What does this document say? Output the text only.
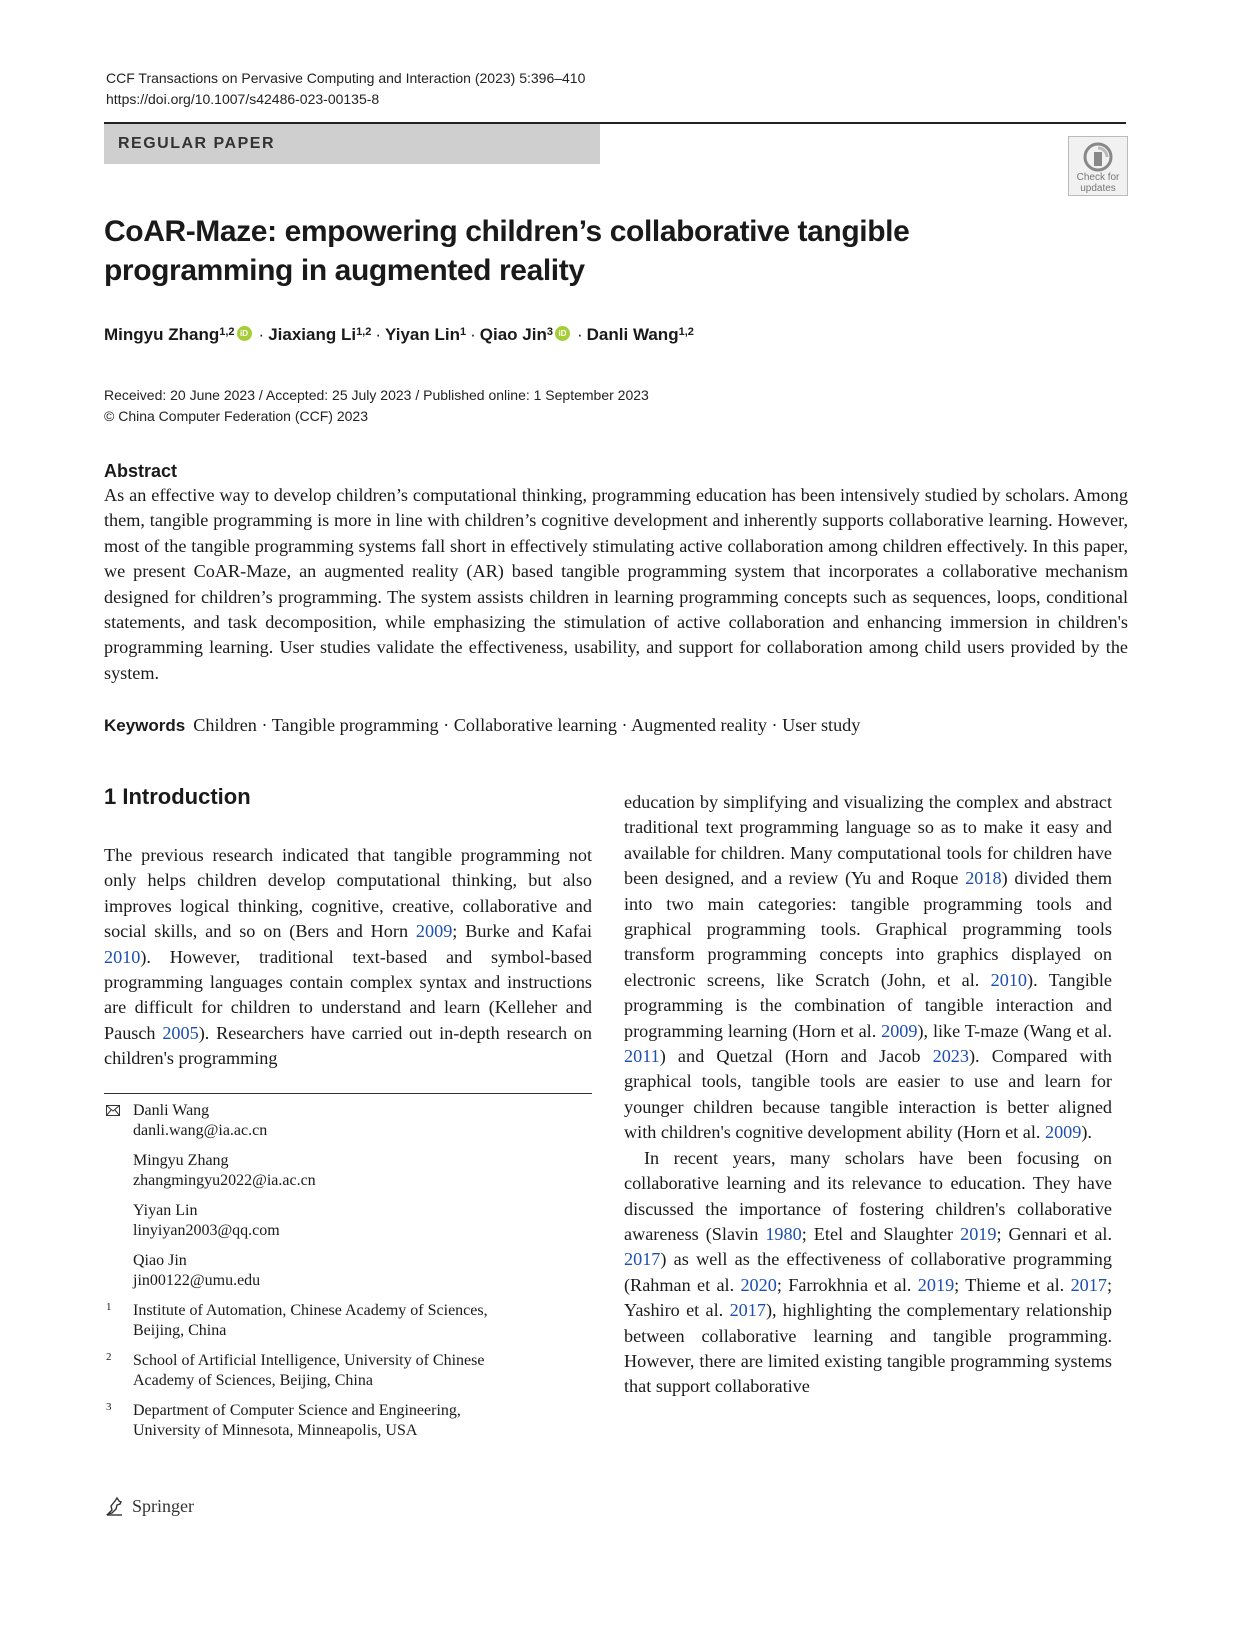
CCF Transactions on Pervasive Computing and Interaction (2023) 5:396–410
https://doi.org/10.1007/s42486-023-00135-8
REGULAR PAPER
Check for
updates
CoAR-Maze: empowering children’s collaborative tangible
programming in augmented reality
Mingyu Zhang$^{1,2}$ iD · Jiaxiang Li$^{1,2}$ · Yiyan Lin$^1$ · Qiao Jin$^3$ iD · Danli Wang$^{1,2}$
Received: 20 June 2023 / Accepted: 25 July 2023 / Published online: 1 September 2023
© China Computer Federation (CCF) 2023
Abstract
As an effective way to develop children’s computational thinking, programming education has been intensively studied by scholars. Among them, tangible programming is more in line with children’s cognitive development and inherently supports collaborative learning. However, most of the tangible programming systems fall short in effectively stimulating active collaboration among children effectively. In this paper, we present CoAR-Maze, an augmented reality (AR) based tangible programming system that incorporates a collaborative mechanism designed for children’s programming. The system assists children in learning programming concepts such as sequences, loops, conditional statements, and task decomposition, while emphasizing the stimulation of active collaboration and enhancing immersion in children's programming learning. User studies validate the effectiveness, usability, and support for collaboration among child users provided by the system.
Keywords Children · Tangible programming · Collaborative learning · Augmented reality · User study
1 Introduction

The previous research indicated that tangible programming not only helps children develop computational thinking, but also improves logical thinking, cognitive, creative, collaborative and social skills, and so on (Bers and Horn 2009; Burke and Kafai 2010). However, traditional text-based and symbol-based programming languages contain complex syntax and instructions are difficult for children to understand and learn (Kelleher and Pausch 2005). Researchers have carried out in-depth research on children's programming

education by simplifying and visualizing the complex and abstract traditional text programming language so as to make it easy and available for children. Many computational tools for children have been designed, and a review (Yu and Roque 2018) divided them into two main categories: tangible programming tools and graphical programming tools. Graphical programming tools transform programming concepts into graphics displayed on electronic screens, like Scratch (John, et al. 2010). Tangible programming is the combination of tangible interaction and programming learning (Horn et al. 2009), like T-maze (Wang et al. 2011) and Quetzal (Horn and Jacob 2023). Compared with graphical tools, tangible tools are easier to use and learn for younger children because tangible interaction is better aligned with children's cognitive development ability (Horn et al. 2009).

In recent years, many scholars have been focusing on collaborative learning and its relevance to education. They have discussed the importance of fostering children's collaborative awareness (Slavin 1980; Etel and Slaughter 2019; Gennari et al. 2017) as well as the effectiveness of collaborative programming (Rahman et al. 2020; Farrokhnia et al. 2019; Thieme et al. 2017; Yashiro et al. 2017), highlighting the complementary relationship between collaborative learning and tangible programming. However, there are limited existing tangible programming systems that support collaborative

Danli Wang
danli.wang@ia.ac.cn
Mingyu Zhang
zhangmingyu2022@ia.ac.cn
Yiyan Lin
linyiyan2003@qq.com
Qiao Jin
jin00122@umu.edu
1 Institute of Automation, Chinese Academy of Sciences,
Beijing, China
2 School of Artificial Intelligence, University of Chinese
Academy of Sciences, Beijing, China
3 Department of Computer Science and Engineering,
University of Minnesota, Minneapolis, USA
Springer
